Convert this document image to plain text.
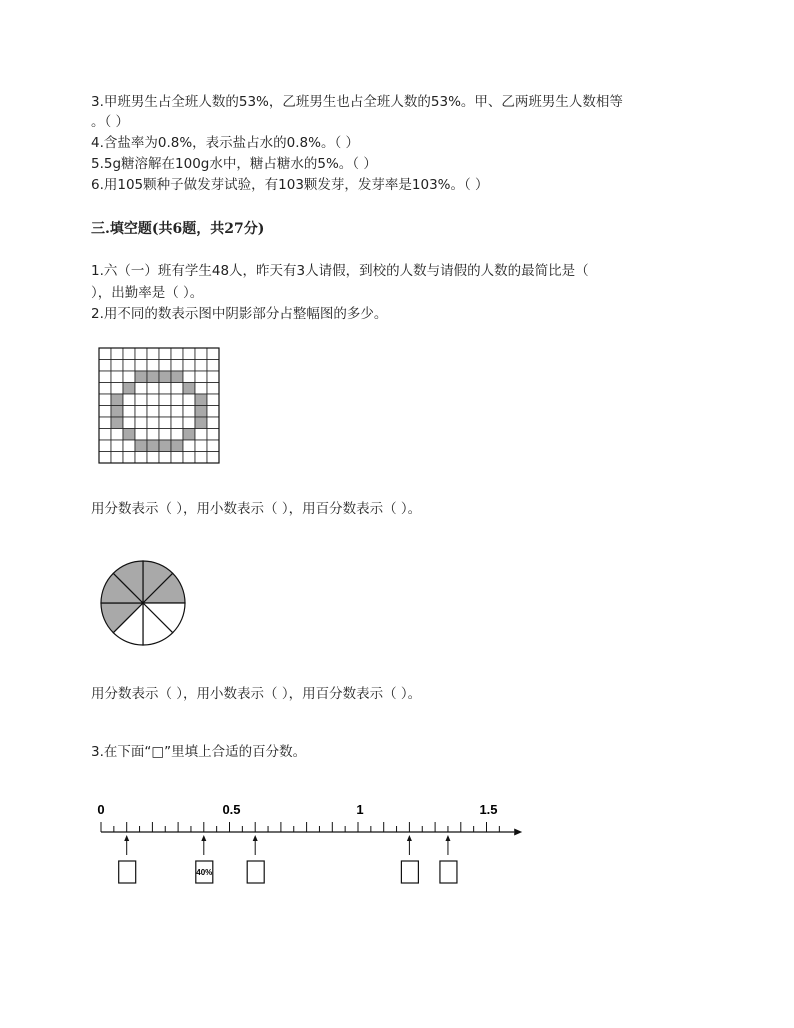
3.甲班男生占全班人数的53%，乙班男生也占全班人数的53%。甲、乙两班男生人数相等
。（ ）
4.含盐率为0.8%，表示盐占水的0.8%。（ ）
5.5g糖溶解在100g水中，糖占糖水的5%。（ ）
6.用105颗种子做发芽试验，有103颗发芽，发芽率是103%。（ ）
三.填空题(共6题，共27分)
1.六（一）班有学生48人，昨天有3人请假，到校的人数与请假的人数的最简比是（
），出勤率是（ ）。
2.用不同的数表示图中阴影部分占整幅图的多少。
用分数表示（ ），用小数表示（ ），用百分数表示（ ）。
用分数表示（ ），用小数表示（ ），用百分数表示（ ）。
3.在下面“□”里填上合适的百分数。
0	0.5	1	1.5
40%
